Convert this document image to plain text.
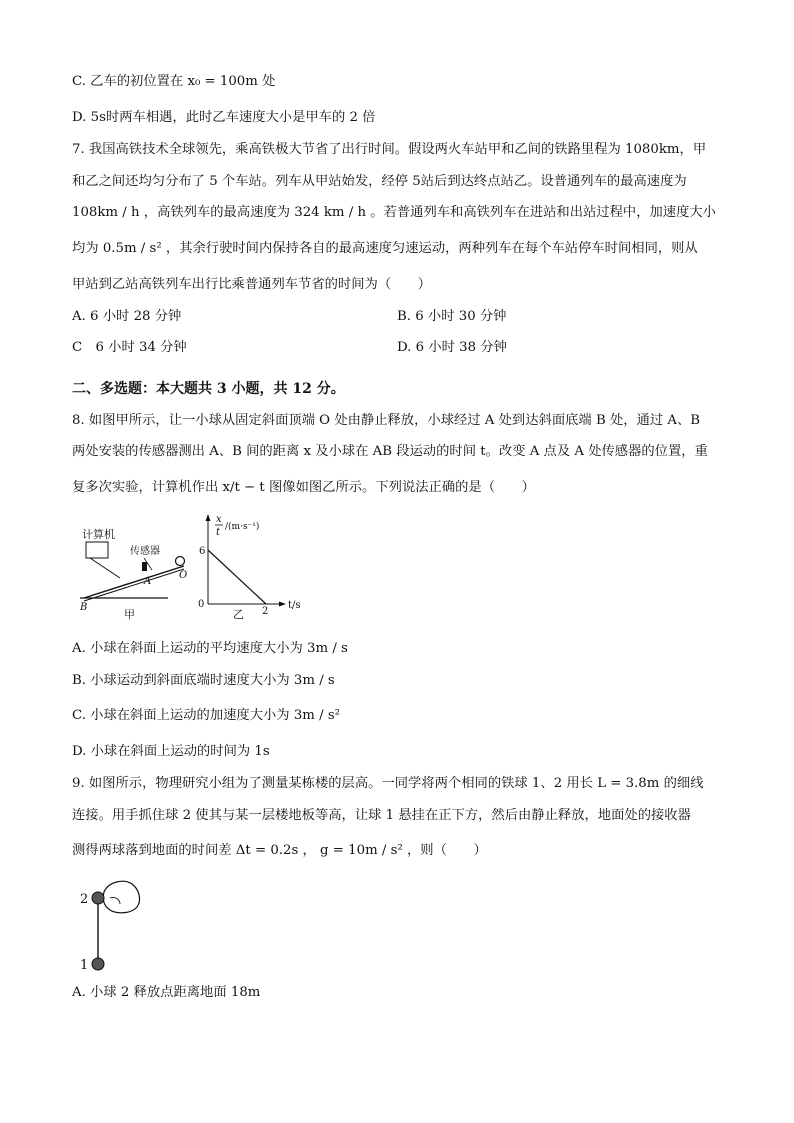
C. 乙车的初位置在 x₀ = 100m 处
D. 5s时两车相遇，此时乙车速度大小是甲车的 2 倍
7. 我国高铁技术全球领先，乘高铁极大节省了出行时间。假设两火车站甲和乙间的铁路里程为 1080km，甲
和乙之间还均匀分布了 5 个车站。列车从甲站始发，经停 5站后到达终点站乙。设普通列车的最高速度为
108km / h ，高铁列车的最高速度为 324 km / h 。若普通列车和高铁列车在进站和出站过程中，加速度大小
均为 0.5m / s² ，其余行驶时间内保持各自的最高速度匀速运动，两种列车在每个车站停车时间相同，则从
甲站到乙站高铁列车出行比乘普通列车节省的时间为（　　）
A. 6 小时 28 分钟	B. 6 小时 30 分钟
C　6 小时 34 分钟	D. 6 小时 38 分钟
二、多选题：本大题共 3 小题，共 12 分。
8. 如图甲所示，让一小球从固定斜面顶端 O 处由静止释放，小球经过 A 处到达斜面底端 B 处，通过 A、B
两处安装的传感器测出 A、B 间的距离 x 及小球在 AB 段运动的时间 t。改变 A 点及 A 处传感器的位置，重
复多次实验，计算机作出 x/t − t 图像如图乙所示。下列说法正确的是（　　）
计算机
传感器
O
A
B
甲
x
t /(m·s⁻¹)
6
0
2
t/s
乙
A. 小球在斜面上运动的平均速度大小为 3m / s
B. 小球运动到斜面底端时速度大小为 3m / s
C. 小球在斜面上运动的加速度大小为 3m / s²
D. 小球在斜面上运动的时间为 1s
9. 如图所示，物理研究小组为了测量某栋楼的层高。一同学将两个相同的铁球 1、2 用长 L = 3.8m 的细线
连接。用手抓住球 2 使其与某一层楼地板等高，让球 1 悬挂在正下方，然后由静止释放，地面处的接收器
测得两球落到地面的时间差 Δt = 0.2s ， g = 10m / s² ，则（　　）
2
1
A. 小球 2 释放点距离地面 18m
